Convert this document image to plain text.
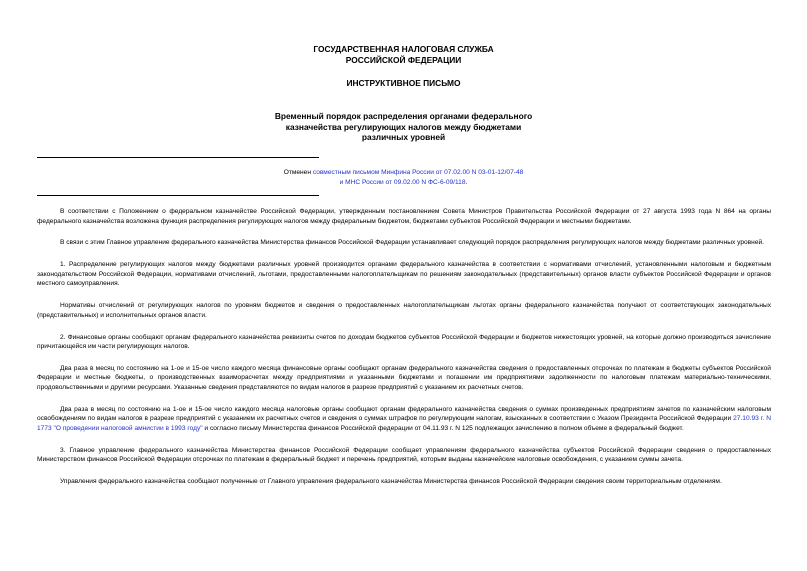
ГОСУДАРСТВЕННАЯ НАЛОГОВАЯ СЛУЖБА
РОССИЙСКОЙ ФЕДЕРАЦИИ
ИНСТРУКТИВНОЕ ПИСЬМО
Временный порядок распределения органами федерального
казначейства регулирующих налогов между бюджетами
различных уровней
Отменен совместным письмом Минфина России от 07.02.00 N 03-01-12/07-48
и МНС России от 09.02.00 N ФС-6-09/118.

В соответствии с Положением о федеральном казначействе Российской Федерации, утвержденным постановлением Совета Министров Правительства Российской Федерации от 27 августа 1993 года N 864 на органы федерального казначейства возложена функция распределения регулирующих налогов между федеральным бюджетом, бюджетами субъектов Российской Федерации и местными бюджетами.

В связи с этим Главное управление федерального казначейства Министерства финансов Российской Федерации устанавливает следующий порядок распределения регулирующих налогов между бюджетами различных уровней.

1. Распределение регулирующих налогов между бюджетами различных уровней производится органами федерального казначейства в соответствии с нормативами отчислений, установленными налоговым и бюджетным законодательством Российской Федерации, нормативами отчислений, льготами, предоставленными налогоплательщикам по решениям законодательных (представительных) органов власти субъектов Российской Федерации и органов местного самоуправления.

Нормативы отчислений от регулирующих налогов по уровням бюджетов и сведения о предоставленных налогоплательщикам льготах органы федерального казначейства получают от соответствующих законодательных (представительных) и исполнительных органов власти.

2. Финансовые органы сообщают органам федерального казначейства реквизиты счетов по доходам бюджетов субъектов Российской Федерации и бюджетов нижестоящих уровней, на которые должно производиться зачисление причитающейся им части регулирующих налогов.

Два раза в месяц по состоянию на 1-ое и 15-ое число каждого месяца финансовые органы сообщают органам федерального казначейства сведения о предоставленных отсрочках по платежам в бюджеты субъектов Российской Федерации и местные бюджеты, о производственных взаиморасчетах между предприятиями и указанными бюджетами и погашении им предприятиями задолженности по налоговым платежам материально-техническими, продовольственными и другими ресурсами. Указанные сведения представляются по видам налогов в разрезе предприятий с указанием их расчетных счетов.

Два раза в месяц по состоянию на 1-ое и 15-ое число каждого месяца налоговые органы сообщают органам федерального казначейства сведения о суммах произведенных предприятиям зачетов по казначейским налоговым освобождениям по видам налогов в разрезе предприятий с указанием их расчетных счетов и сведения о суммах штрафов по регулирующим налогам, взысканных в соответствии с Указом Президента Российской Федерации 27.10.93 г. N 1773 "О проведении налоговой амнистии в 1993 году" и согласно письму Министерства финансов Российской федерации от 04.11.93 г. N 125 подлежащих зачислению в полном объеме в федеральный бюджет.

3. Главное управление федерального казначейства Министерства финансов Российской Федерации сообщает управлениям федерального казначейства субъектов Российской Федерации сведения о предоставленных Министерством финансов Российской Федерации отсрочках по платежам в федеральный бюджет и перечень предприятий, которым выданы казначейские налоговые освобождения, с указанием суммы зачета.

Управления федерального казначейства сообщают полученные от Главного управления федерального казначейства Министерства финансов Российской Федерации сведения своим территориальным отделениям.
